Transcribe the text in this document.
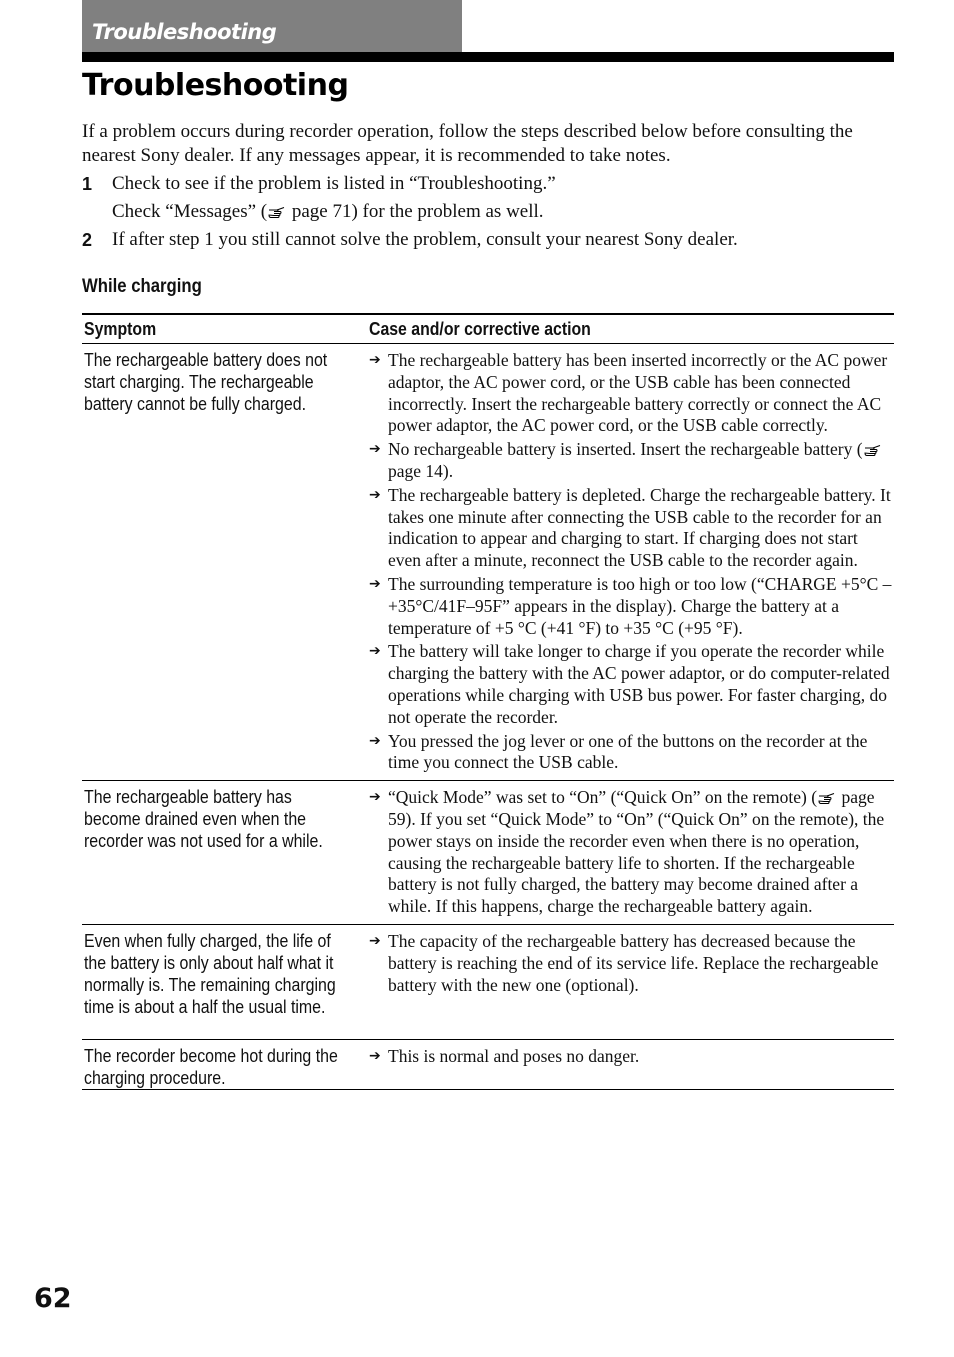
Troubleshooting
Troubleshooting

If a problem occurs during recorder operation, follow the steps described below before consulting the nearest Sony dealer. If any messages appear, it is recommended to take notes.

1 Check to see if the problem is listed in “Troubleshooting.”
Check “Messages” ( page 71) for the problem as well.
2 If after step 1 you still cannot solve the problem, consult your nearest Sony dealer.
While charging
Symptom	Case and/or corrective action
The rechargeable battery does not start charging. The rechargeable battery cannot be fully charged.

➔ The rechargeable battery has been inserted incorrectly or the AC power adaptor, the AC power cord, or the USB cable has been connected incorrectly. Insert the rechargeable battery correctly or connect the AC power adaptor, the AC power cord, or the USB cable correctly.

➔ No rechargeable battery is inserted. Insert the rechargeable battery ( page 14).

➔ The rechargeable battery is depleted. Charge the rechargeable battery. It takes one minute after connecting the USB cable to the recorder for an indication to appear and charging to start. If charging does not start even after a minute, reconnect the USB cable to the recorder again.

➔ The surrounding temperature is too high or too low (“CHARGE +5°C – +35°C/41F–95F” appears in the display). Charge the battery at a temperature of +5 °C (+41 °F) to +35 °C (+95 °F).

➔ The battery will take longer to charge if you operate the recorder while charging the battery with the AC power adaptor, or do computer-related operations while charging with USB bus power. For faster charging, do not operate the recorder.

➔ You pressed the jog lever or one of the buttons on the recorder at the time you connect the USB cable.

The rechargeable battery has become drained even when the recorder was not used for a while.

➔ “Quick Mode” was set to “On” (“Quick On” on the remote) ( page 59). If you set “Quick Mode” to “On” (“Quick On” on the remote), the power stays on inside the recorder even when there is no operation, causing the rechargeable battery life to shorten. If the rechargeable battery is not fully charged, the battery may become drained after a while. If this happens, charge the rechargeable battery again.

Even when fully charged, the life of the battery is only about half what it normally is. The remaining charging time is about a half the usual time.

➔ The capacity of the rechargeable battery has decreased because the battery is reaching the end of its service life. Replace the rechargeable battery with the new one (optional).

The recorder become hot during the charging procedure.

➔ This is normal and poses no danger.

62
